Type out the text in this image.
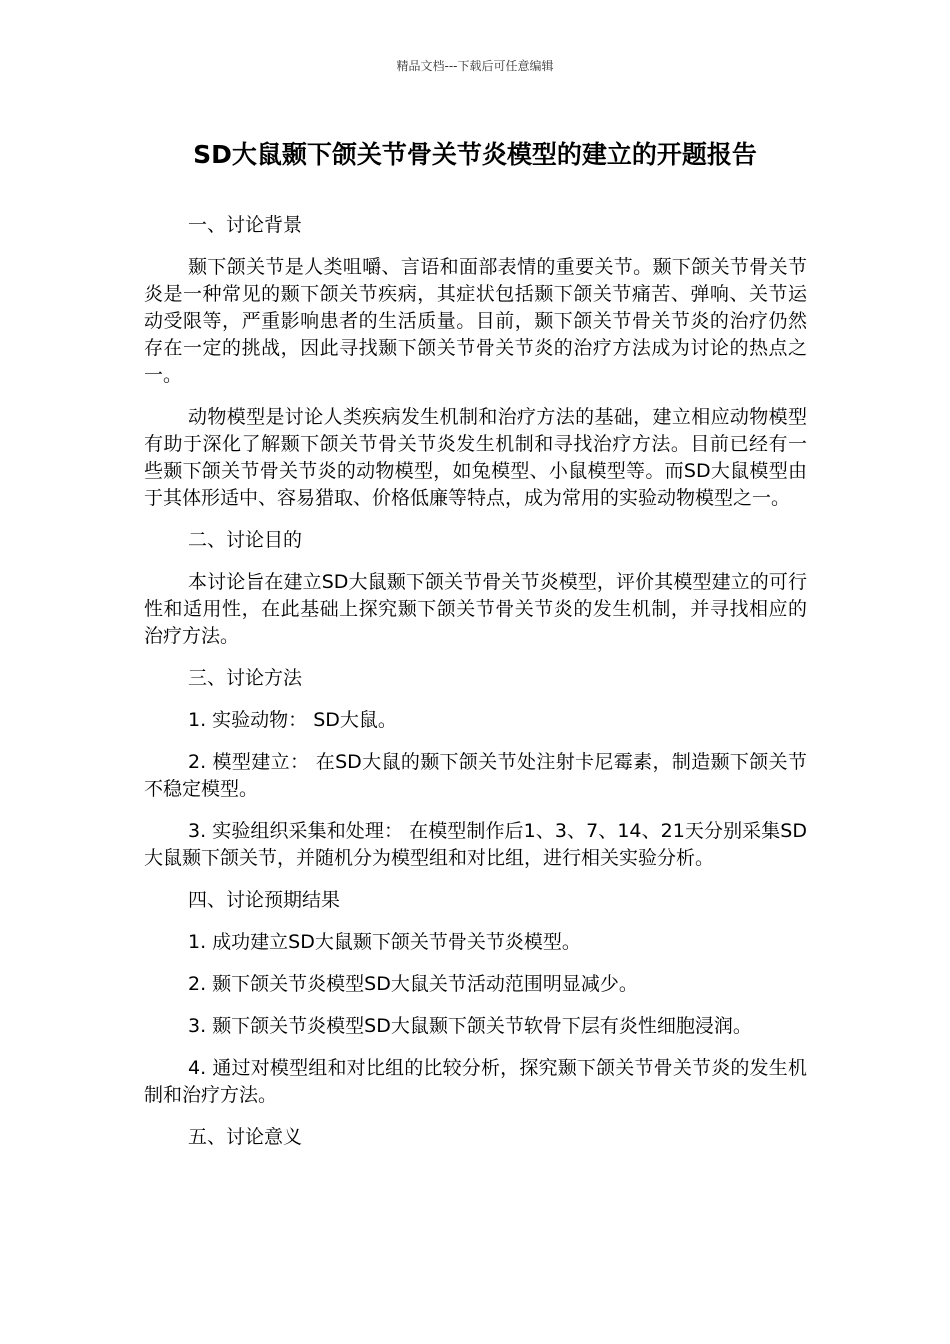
精品文档---下载后可任意编辑
SD大鼠颞下颌关节骨关节炎模型的建立的开题报告

一、讨论背景

颞下颌关节是人类咀嚼、言语和面部表情的重要关节。颞下颌关节骨关节炎是一种常见的颞下颌关节疾病，其症状包括颞下颌关节痛苦、弹响、关节运动受限等，严重影响患者的生活质量。目前，颞下颌关节骨关节炎的治疗仍然存在一定的挑战，因此寻找颞下颌关节骨关节炎的治疗方法成为讨论的热点之一。

动物模型是讨论人类疾病发生机制和治疗方法的基础，建立相应动物模型有助于深化了解颞下颌关节骨关节炎发生机制和寻找治疗方法。目前已经有一些颞下颌关节骨关节炎的动物模型，如兔模型、小鼠模型等。而SD大鼠模型由于其体形适中、容易猎取、价格低廉等特点，成为常用的实验动物模型之一。

二、讨论目的

本讨论旨在建立SD大鼠颞下颌关节骨关节炎模型，评价其模型建立的可行性和适用性，在此基础上探究颞下颌关节骨关节炎的发生机制，并寻找相应的治疗方法。

三、讨论方法

1. 实验动物： SD大鼠。

2. 模型建立： 在SD大鼠的颞下颌关节处注射卡尼霉素，制造颞下颌关节不稳定模型。

3. 实验组织采集和处理： 在模型制作后1、3、7、14、21天分别采集SD大鼠颞下颌关节，并随机分为模型组和对比组，进行相关实验分析。

四、讨论预期结果

1. 成功建立SD大鼠颞下颌关节骨关节炎模型。

2. 颞下颌关节炎模型SD大鼠关节活动范围明显减少。

3. 颞下颌关节炎模型SD大鼠颞下颌关节软骨下层有炎性细胞浸润。

4. 通过对模型组和对比组的比较分析，探究颞下颌关节骨关节炎的发生机制和治疗方法。

五、讨论意义
